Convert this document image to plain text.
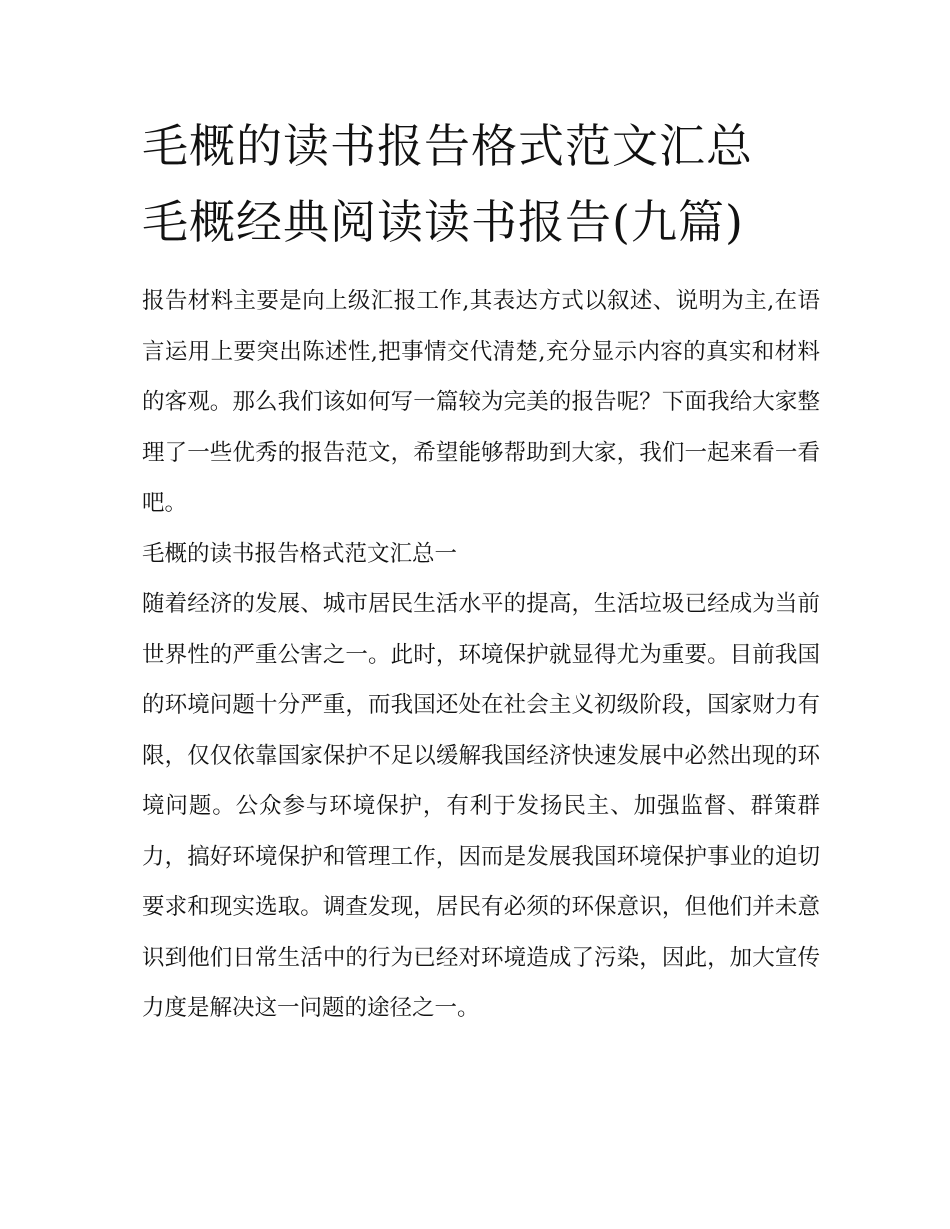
毛概的读书报告格式范文汇总
毛概经典阅读读书报告(九篇)

报告材料主要是向上级汇报工作,其表达方式以叙述、说明为主,在语言运用上要突出陈述性,把事情交代清楚,充分显示内容的真实和材料的客观。那么我们该如何写一篇较为完美的报告呢？下面我给大家整理了一些优秀的报告范文，希望能够帮助到大家，我们一起来看一看吧。

毛概的读书报告格式范文汇总一

随着经济的发展、城市居民生活水平的提高，生活垃圾已经成为当前世界性的严重公害之一。此时，环境保护就显得尤为重要。目前我国的环境问题十分严重，而我国还处在社会主义初级阶段，国家财力有限，仅仅依靠国家保护不足以缓解我国经济快速发展中必然出现的环境问题。公众参与环境保护，有利于发扬民主、加强监督、群策群力，搞好环境保护和管理工作，因而是发展我国环境保护事业的迫切要求和现实选取。调查发现，居民有必须的环保意识，但他们并未意识到他们日常生活中的行为已经对环境造成了污染，因此，加大宣传力度是解决这一问题的途径之一。
